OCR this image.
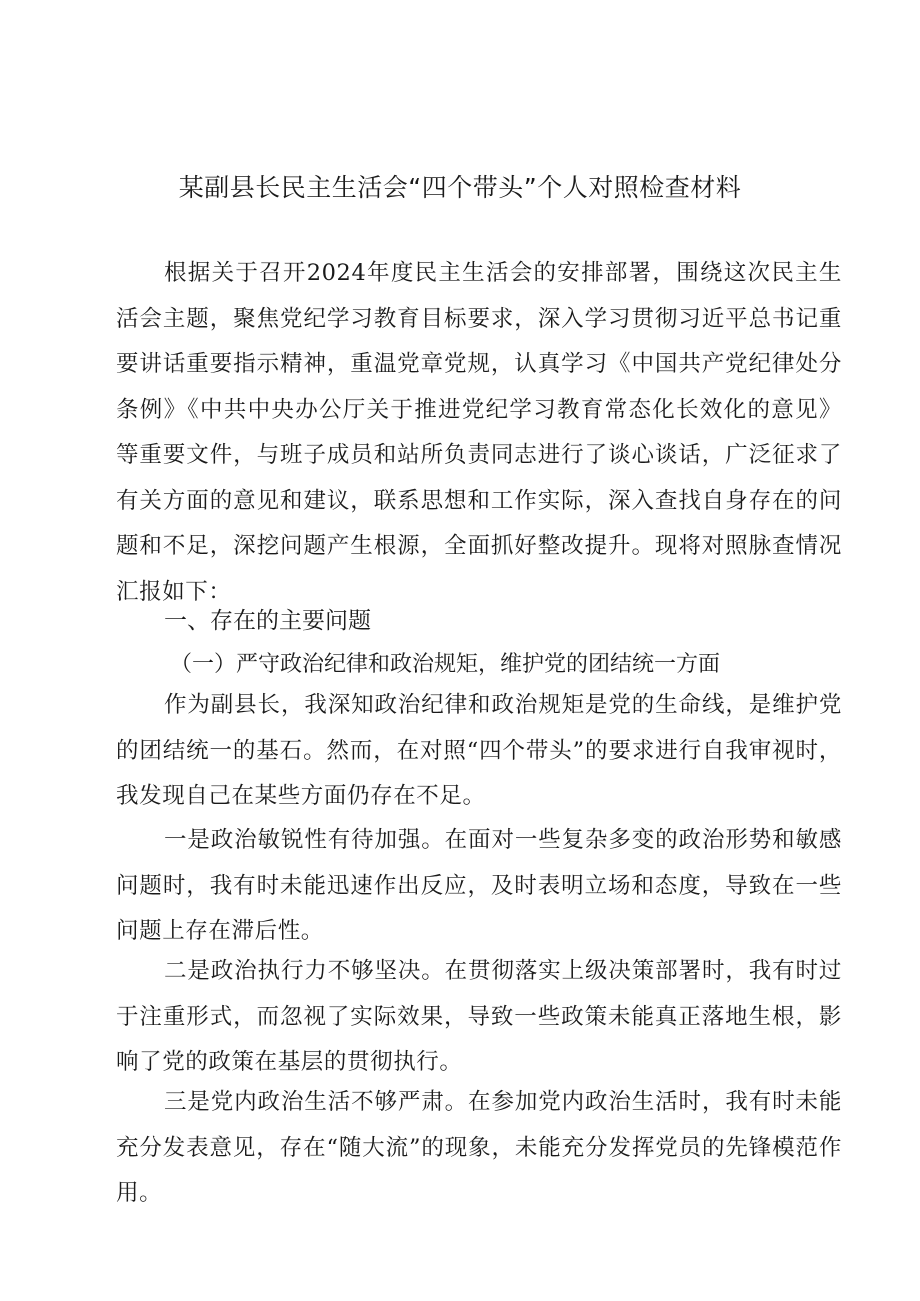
某副县长民主生活会“四个带头”个人对照检查材料

根据关于召开2024年度民主生活会的安排部署，围绕这次民主生活会主题，聚焦党纪学习教育目标要求，深入学习贯彻习近平总书记重要讲话重要指示精神，重温党章党规，认真学习《中国共产党纪律处分条例》《中共中央办公厅关于推进党纪学习教育常态化长效化的意见》等重要文件，与班子成员和站所负责同志进行了谈心谈话，广泛征求了有关方面的意见和建议，联系思想和工作实际，深入查找自身存在的问题和不足，深挖问题产生根源，全面抓好整改提升。现将对照脉查情况汇报如下：

一、存在的主要问题
（一）严守政治纪律和政治规矩，维护党的团结统一方面

作为副县长，我深知政治纪律和政治规矩是党的生命线，是维护党的团结统一的基石。然而，在对照“四个带头”的要求进行自我审视时，我发现自己在某些方面仍存在不足。

一是政治敏锐性有待加强。在面对一些复杂多变的政治形势和敏感问题时，我有时未能迅速作出反应，及时表明立场和态度，导致在一些问题上存在滞后性。

二是政治执行力不够坚决。在贯彻落实上级决策部署时，我有时过于注重形式，而忽视了实际效果，导致一些政策未能真正落地生根，影响了党的政策在基层的贯彻执行。

三是党内政治生活不够严肃。在参加党内政治生活时，我有时未能充分发表意见，存在“随大流”的现象，未能充分发挥党员的先锋模范作用。
